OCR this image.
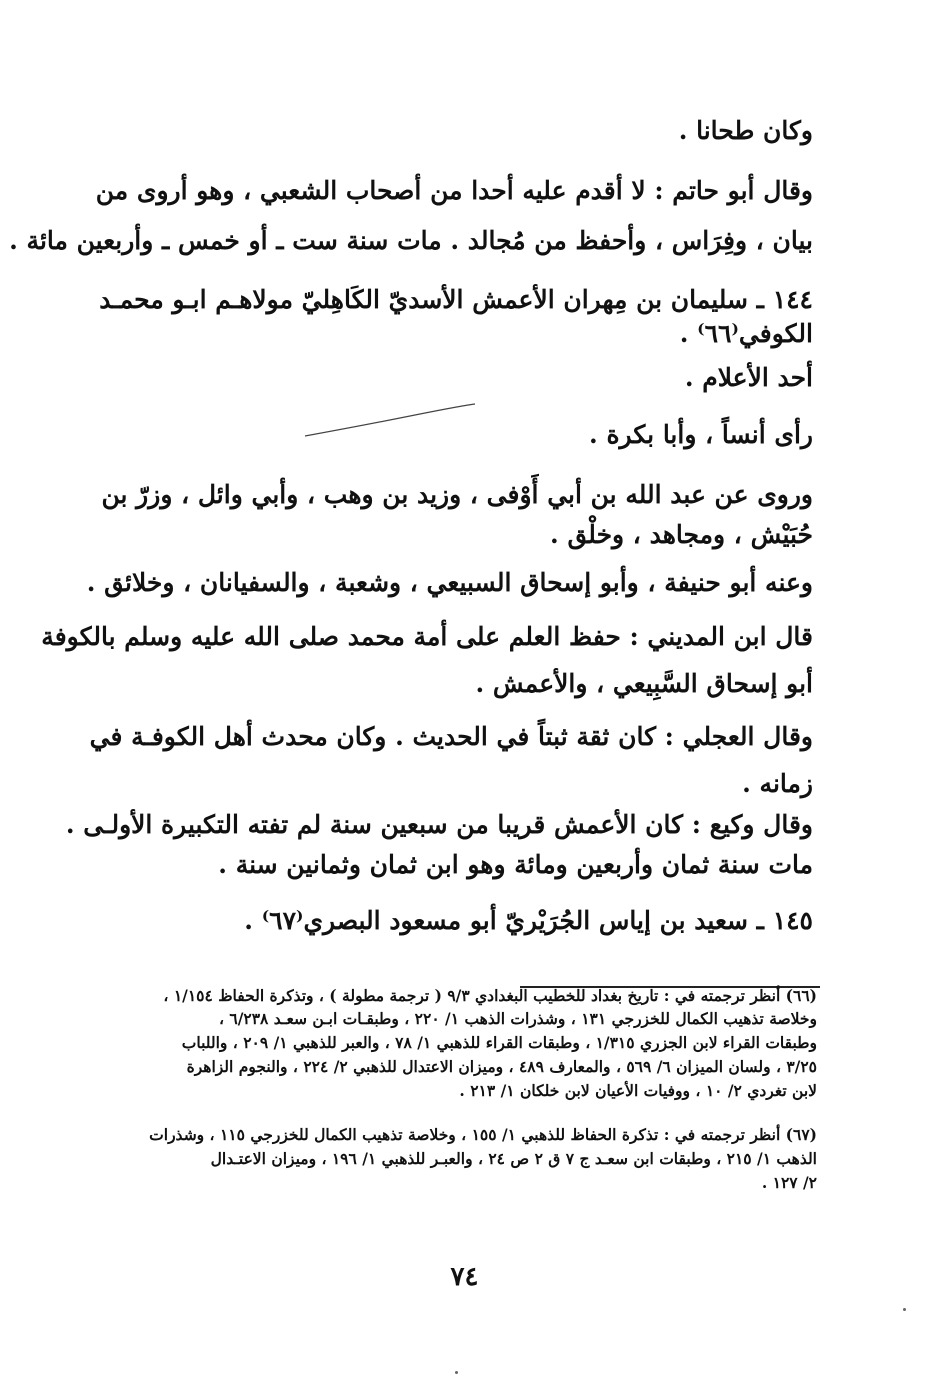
وكان طحانا .
وقال أبو حاتم : لا أقدم عليه أحدا من أصحاب الشعبي ، وهو أروى من
بيان ، وفِرَاس ، وأحفظ من مُجالد . مات سنة ست ـ أو خمس ـ وأربعين مائة .
١٤٤ ـ سليمان بن مِهران الأعمش الأسديّ الكَاهِليّ مولاهـم ابـو محمـد
الكوفي⁽٦٦⁾ .
أحد الأعلام .
رأى أنساً ، وأبا بكرة .
وروى عن عبد الله بن أبي أَوْفى ، وزيد بن وهب ، وأبي وائل ، وزرّ بن
حُبَيْش ، ومجاهد ، وخلْق .
وعنه أبو حنيفة ، وأبو إسحاق السبيعي ، وشعبة ، والسفيانان ، وخلائق .
قال ابن المديني : حفظ العلم على أمة محمد صلى الله عليه وسلم بالكوفة
أبو إسحاق السَّبِيعي ، والأعمش .
وقال العجلي : كان ثقة ثبتاً في الحديث . وكان محدث أهل الكوفـة في
زمانه .
وقال وكيع : كان الأعمش قريبا من سبعين سنة لم تفته التكبيرة الأولـى .
مات سنة ثمان وأربعين ومائة وهو ابن ثمان وثمانين سنة .
١٤٥ ـ سعيد بن إياس الجُرَيْريّ أبو مسعود البصري⁽٦٧⁾ .
(٦٦) أنظر ترجمته في : تاريخ بغداد للخطيب البغدادي ٩/٣ ( ترجمة مطولة ) ، وتذكرة الحفاظ ١/١٥٤ ،
وخلاصة تذهيب الكمال للخزرجي ١٣١ ، وشذرات الذهب ١/ ٢٢٠ ، وطبقـات ابـن سعـد ٦/٢٣٨ ،
وطبقات القراء لابن الجزري ١/٣١٥ ، وطبقات القراء للذهبي ١/ ٧٨ ، والعبر للذهبي ١/ ٢٠٩ ، واللباب
٣/٢٥ ، ولسان الميزان ٦/ ٥٦٩ ، والمعارف ٤٨٩ ، وميزان الاعتدال للذهبي ٢/ ٢٢٤ ، والنجوم الزاهرة
لابن تغردي ٢/ ١٠ ، ووفيات الأعيان لابن خلكان ١/ ٢١٣ .
(٦٧) أنظر ترجمته في : تذكرة الحفاظ للذهبي ١/ ١٥٥ ، وخلاصة تذهيب الكمال للخزرجي ١١٥ ، وشذرات
الذهب ١/ ٢١٥ ، وطبقات ابن سعـد ج ٧ ق ٢ ص ٢٤ ، والعبـر للذهبي ١/ ١٩٦ ، وميزان الاعتـدال
٢/ ١٢٧ .
٧٤
